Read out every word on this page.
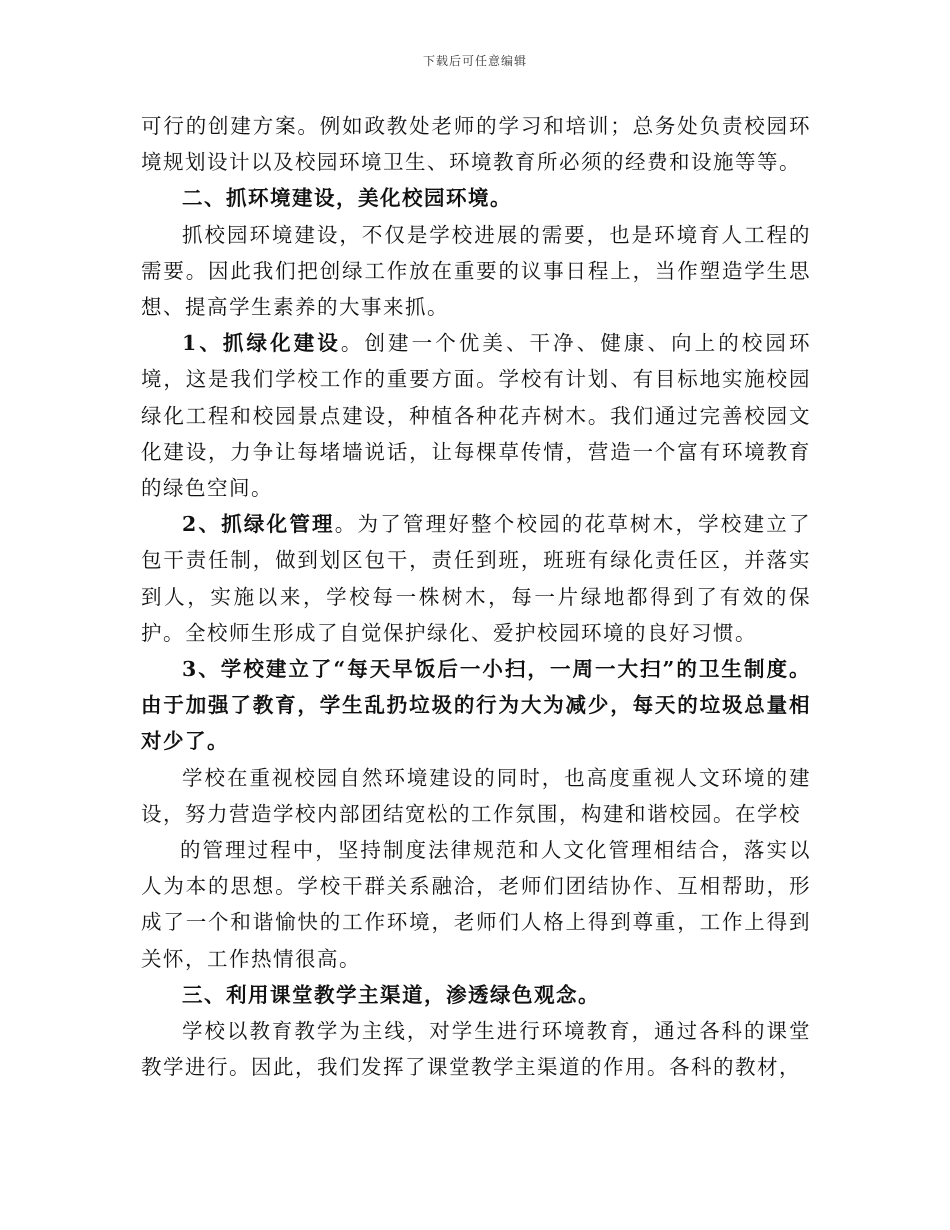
下载后可任意编辑

可行的创建方案。例如政教处老师的学习和培训；总务处负责校园环境规划设计以及校园环境卫生、环境教育所必须的经费和设施等等。

二、抓环境建设，美化校园环境。

抓校园环境建设，不仅是学校进展的需要，也是环境育人工程的需要。因此我们把创绿工作放在重要的议事日程上，当作塑造学生思想、提高学生素养的大事来抓。

1、抓绿化建设。创建一个优美、干净、健康、向上的校园环境，这是我们学校工作的重要方面。学校有计划、有目标地实施校园绿化工程和校园景点建设，种植各种花卉树木。我们通过完善校园文化建设，力争让每堵墙说话，让每棵草传情，营造一个富有环境教育的绿色空间。

2、抓绿化管理。为了管理好整个校园的花草树木，学校建立了包干责任制，做到划区包干，责任到班，班班有绿化责任区，并落实到人，实施以来，学校每一株树木，每一片绿地都得到了有效的保护。全校师生形成了自觉保护绿化、爱护校园环境的良好习惯。

3、学校建立了“每天早饭后一小扫，一周一大扫”的卫生制度。由于加强了教育，学生乱扔垃圾的行为大为减少，每天的垃圾总量相对少了。

学校在重视校园自然环境建设的同时，也高度重视人文环境的建设，努力营造学校内部团结宽松的工作氛围，构建和谐校园。在学校

的管理过程中，坚持制度法律规范和人文化管理相结合，落实以人为本的思想。学校干群关系融洽，老师们团结协作、互相帮助，形成了一个和谐愉快的工作环境，老师们人格上得到尊重，工作上得到关怀，工作热情很高。

三、利用课堂教学主渠道，渗透绿色观念。

学校以教育教学为主线，对学生进行环境教育，通过各科的课堂教学进行。因此，我们发挥了课堂教学主渠道的作用。各科的教材，
